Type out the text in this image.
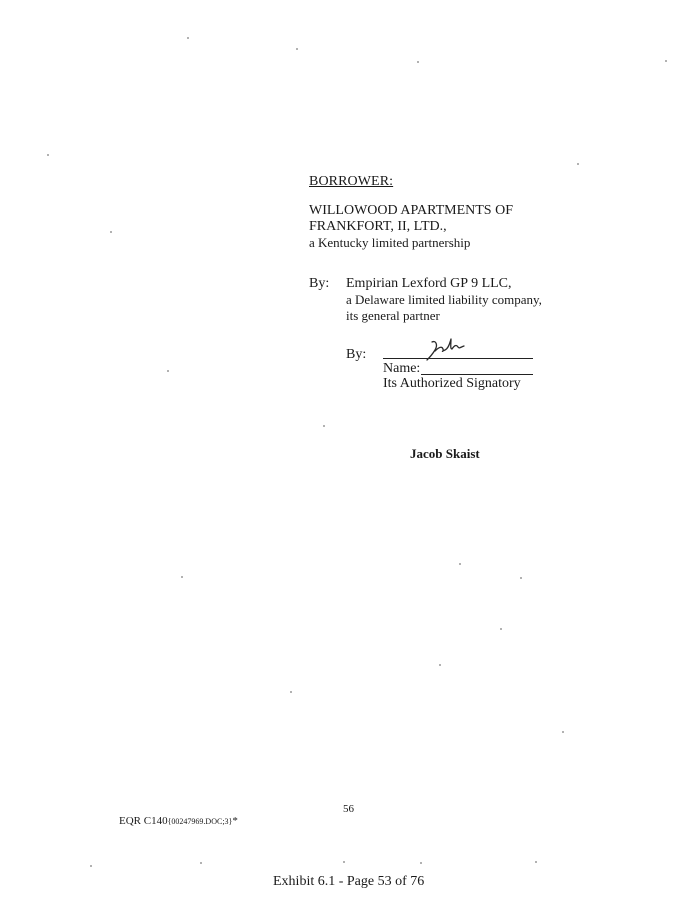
BORROWER:
WILLOWOOD APARTMENTS OF
FRANKFORT, II, LTD.,
a Kentucky limited partnership
By: Empirian Lexford GP 9 LLC,
a Delaware limited liability company,
its general partner
By:
Name:
Its Authorized Signatory
Jacob Skaist
56
EQR C140{00247969.DOC;3}*
Exhibit 6.1 - Page 53 of 76
